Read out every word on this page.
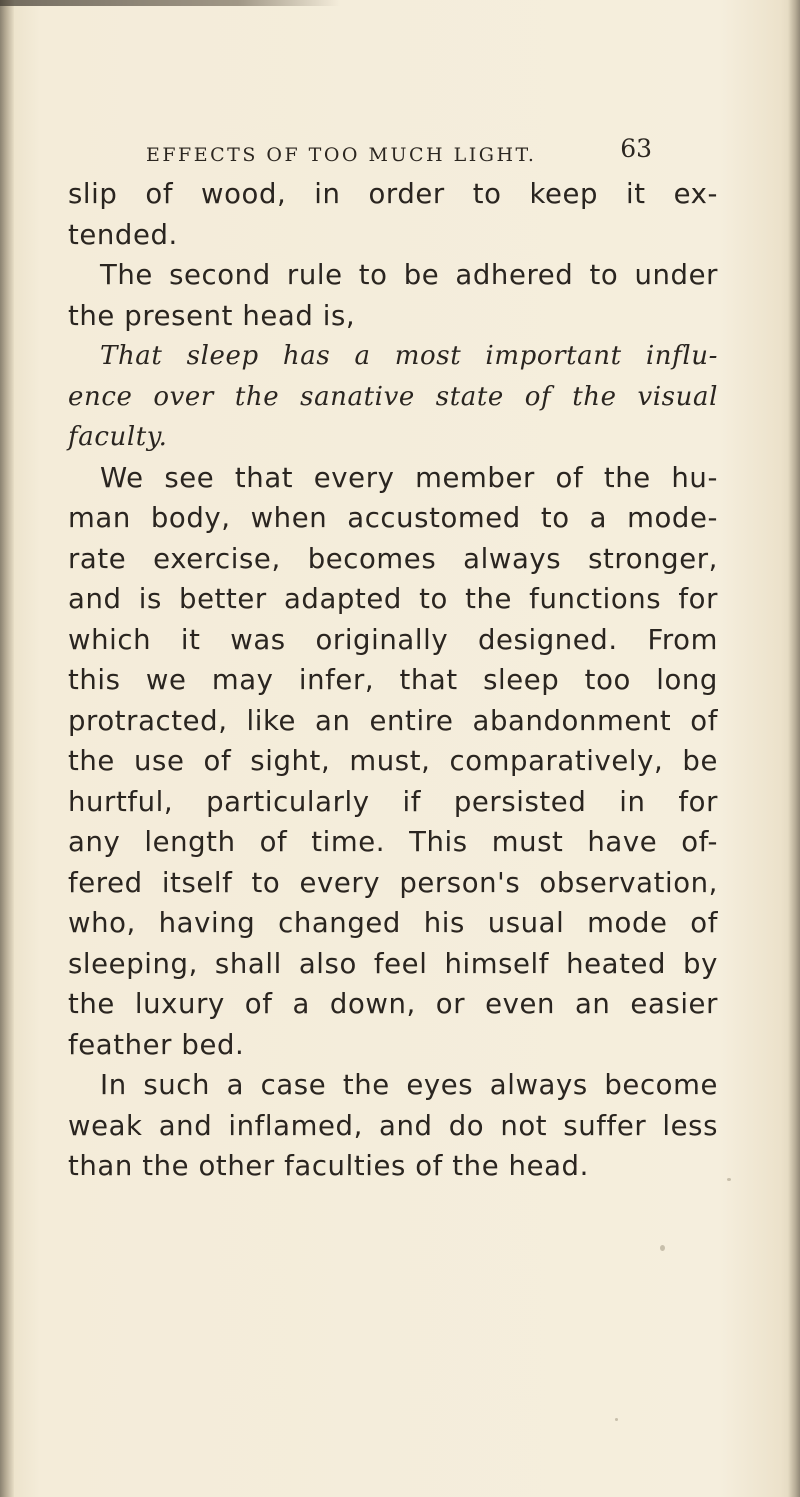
EFFECTS OF TOO MUCH LIGHT.	63
slip of wood, in order to keep it ex-
tended.
The second rule to be adhered to under
the present head is,
That sleep has a most important influ-
ence over the sanative state of the visual
faculty.
We see that every member of the hu-
man body, when accustomed to a mode-
rate exercise, becomes always stronger,
and is better adapted to the functions for
which it was originally designed. From
this we may infer, that sleep too long
protracted, like an entire abandonment of
the use of sight, must, comparatively, be
hurtful, particularly if persisted in for
any length of time. This must have of-
fered itself to every person's observation,
who, having changed his usual mode of
sleeping, shall also feel himself heated by
the luxury of a down, or even an easier
feather bed.
In such a case the eyes always become
weak and inflamed, and do not suffer less
than the other faculties of the head.
